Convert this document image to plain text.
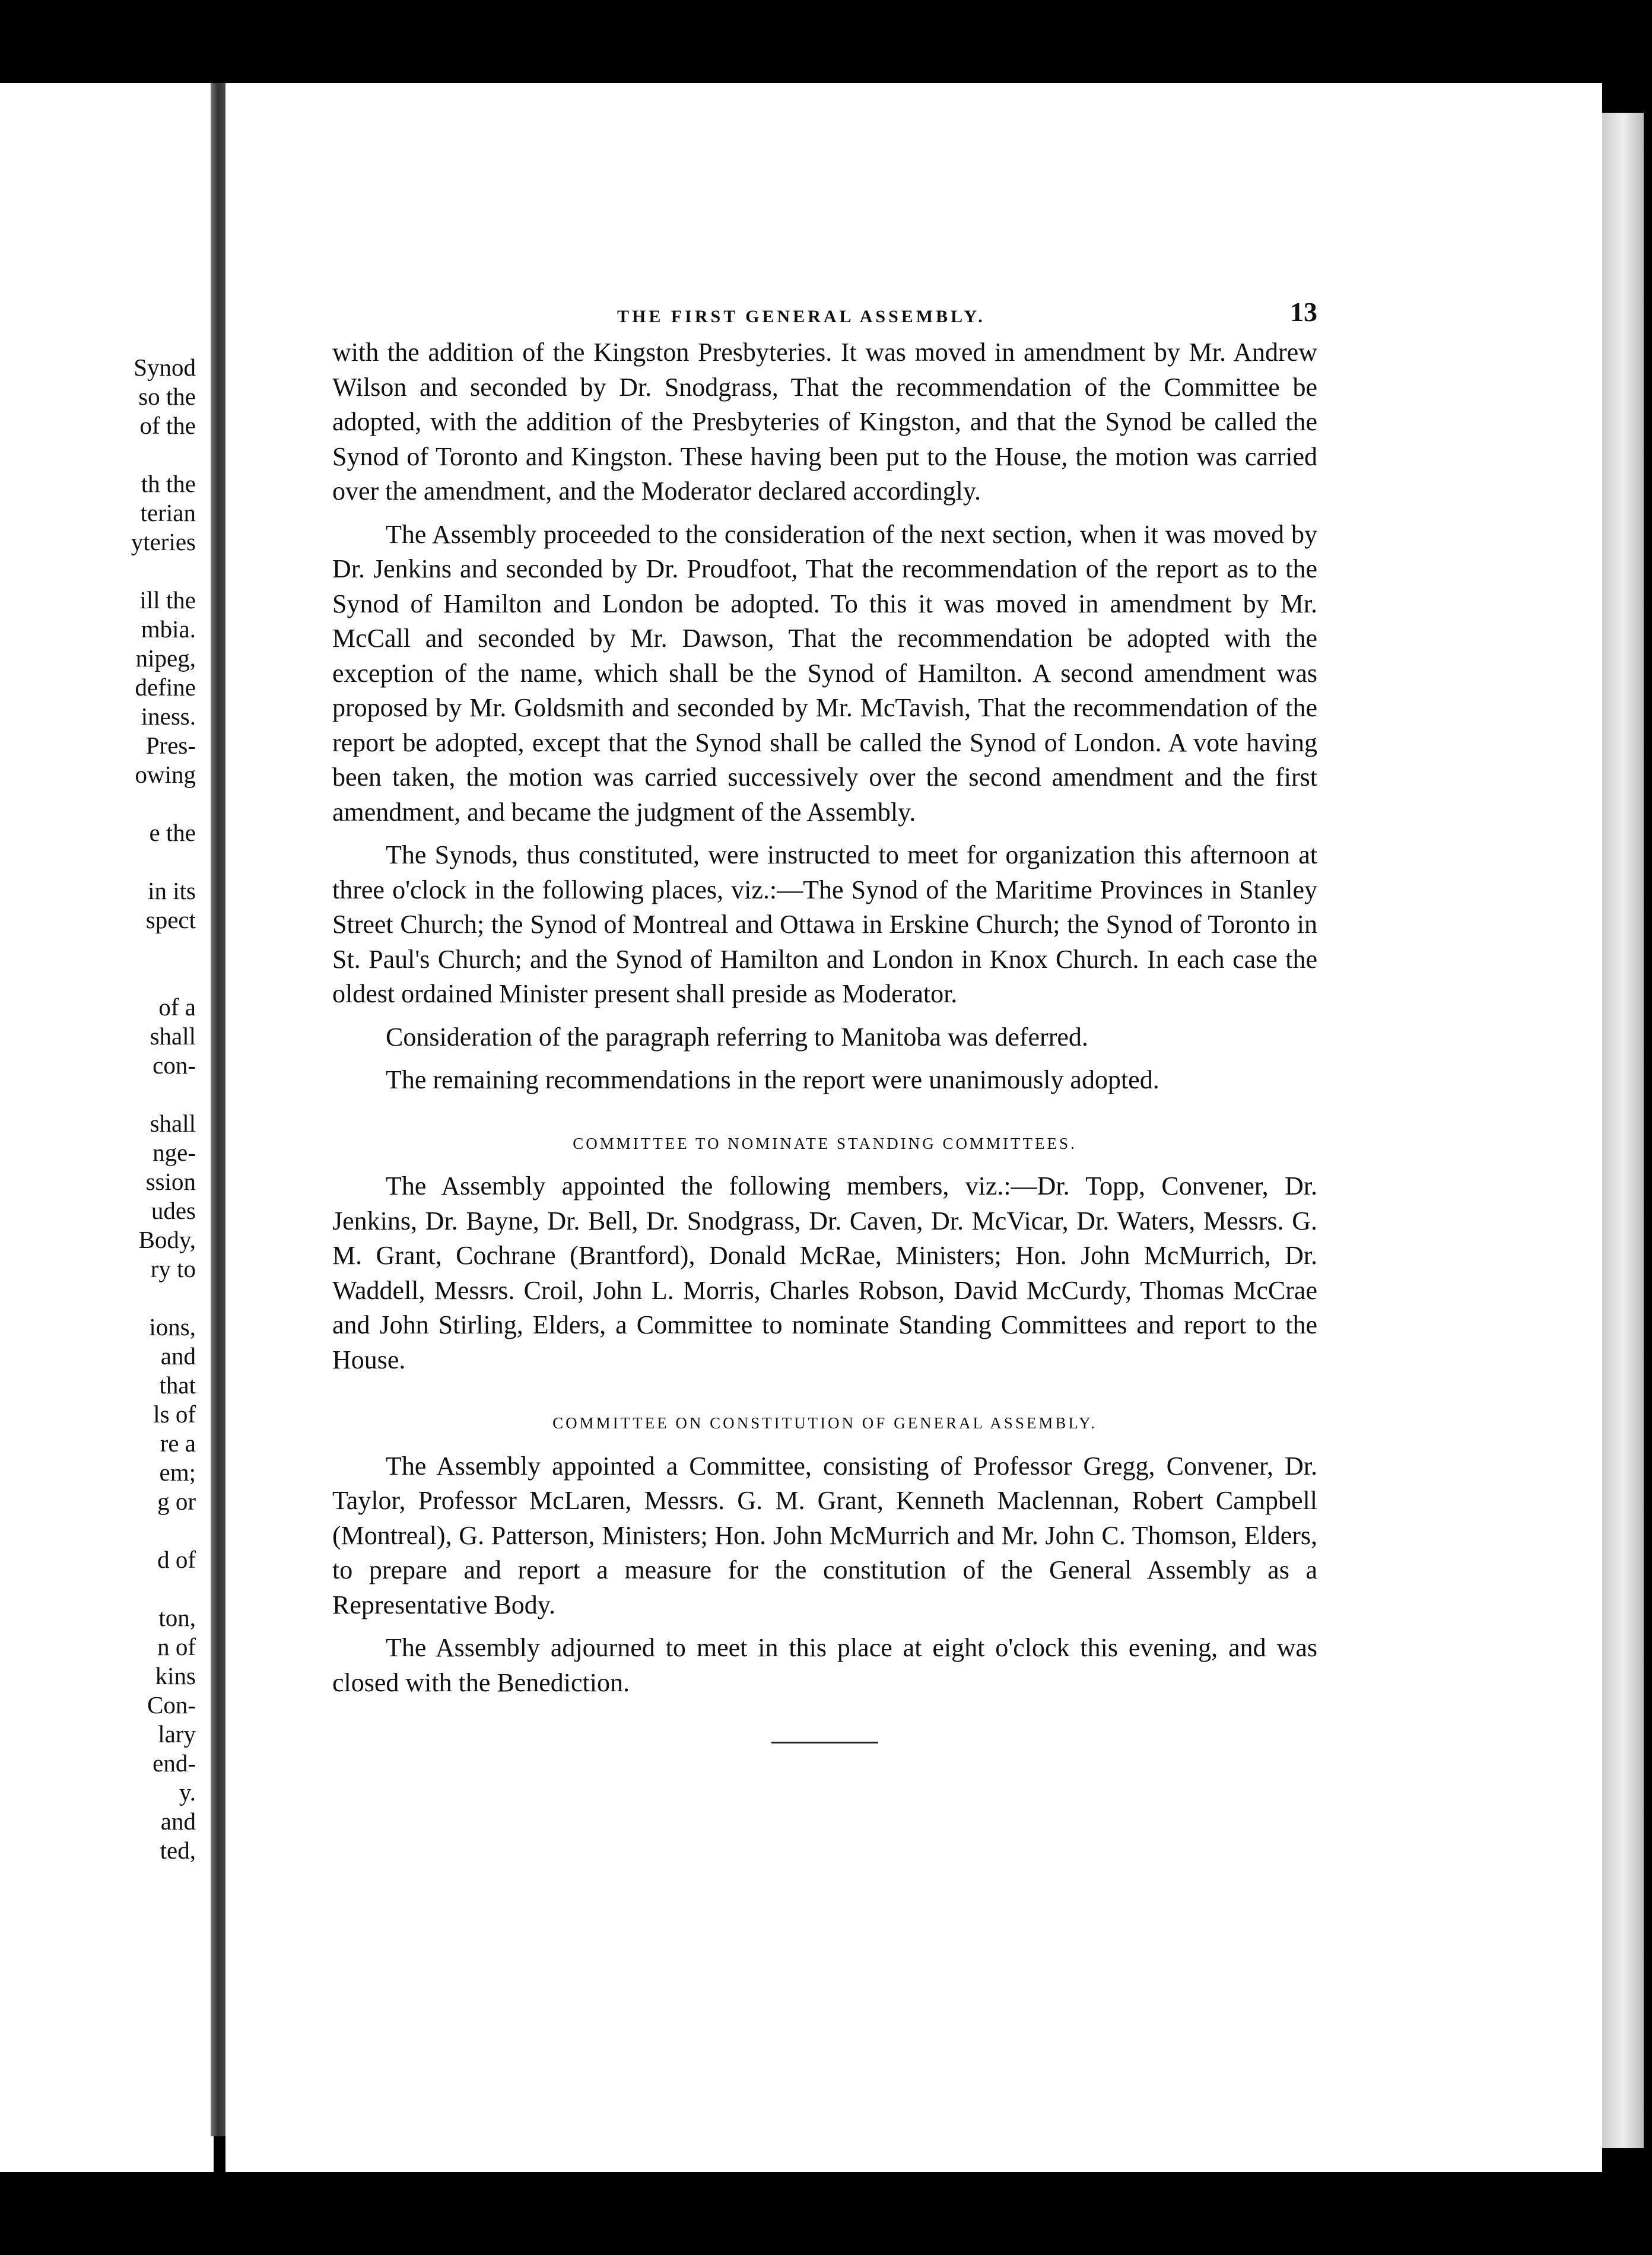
Synod
so the
of the

th the
terian
yteries

ill the
mbia.
nipeg,
define
iness.
Pres-
owing

e the

in its
spect

of a
shall
con-

shall
nge-
ssion
udes
Body,
ry to

ions,
and
that
ls of
re a
em;
g or

d of

ton,
n of
kins
Con-
lary
end-
y.
and
ted,
THE FIRST GENERAL ASSEMBLY.	13

with the addition of the Kingston Presbyteries. It was moved in amendment by Mr. Andrew Wilson and seconded by Dr. Snodgrass, That the recommendation of the Committee be adopted, with the addition of the Presbyteries of Kingston, and that the Synod be called the Synod of Toronto and Kingston. These having been put to the House, the motion was carried over the amendment, and the Moderator declared accordingly.

The Assembly proceeded to the consideration of the next section, when it was moved by Dr. Jenkins and seconded by Dr. Proudfoot, That the recommendation of the report as to the Synod of Hamilton and London be adopted. To this it was moved in amendment by Mr. McCall and seconded by Mr. Dawson, That the recommendation be adopted with the exception of the name, which shall be the Synod of Hamilton. A second amendment was proposed by Mr. Goldsmith and seconded by Mr. McTavish, That the recommendation of the report be adopted, except that the Synod shall be called the Synod of London. A vote having been taken, the motion was carried successively over the second amendment and the first amendment, and became the judgment of the Assembly.

The Synods, thus constituted, were instructed to meet for organization this afternoon at three o'clock in the following places, viz.:—The Synod of the Maritime Provinces in Stanley Street Church; the Synod of Montreal and Ottawa in Erskine Church; the Synod of Toronto in St. Paul's Church; and the Synod of Hamilton and London in Knox Church. In each case the oldest ordained Minister present shall preside as Moderator.

Consideration of the paragraph referring to Manitoba was deferred.

The remaining recommendations in the report were unanimously adopted.

COMMITTEE TO NOMINATE STANDING COMMITTEES.

The Assembly appointed the following members, viz.:—Dr. Topp, Convener, Dr. Jenkins, Dr. Bayne, Dr. Bell, Dr. Snodgrass, Dr. Caven, Dr. McVicar, Dr. Waters, Messrs. G. M. Grant, Cochrane (Brantford), Donald McRae, Ministers; Hon. John McMurrich, Dr. Waddell, Messrs. Croil, John L. Morris, Charles Robson, David McCurdy, Thomas McCrae and John Stirling, Elders, a Committee to nominate Standing Committees and report to the House.

COMMITTEE ON CONSTITUTION OF GENERAL ASSEMBLY.

The Assembly appointed a Committee, consisting of Professor Gregg, Convener, Dr. Taylor, Professor McLaren, Messrs. G. M. Grant, Kenneth Maclennan, Robert Campbell (Montreal), G. Patterson, Ministers; Hon. John McMurrich and Mr. John C. Thomson, Elders, to prepare and report a measure for the constitution of the General Assembly as a Representative Body.

The Assembly adjourned to meet in this place at eight o'clock this evening, and was closed with the Benediction.
